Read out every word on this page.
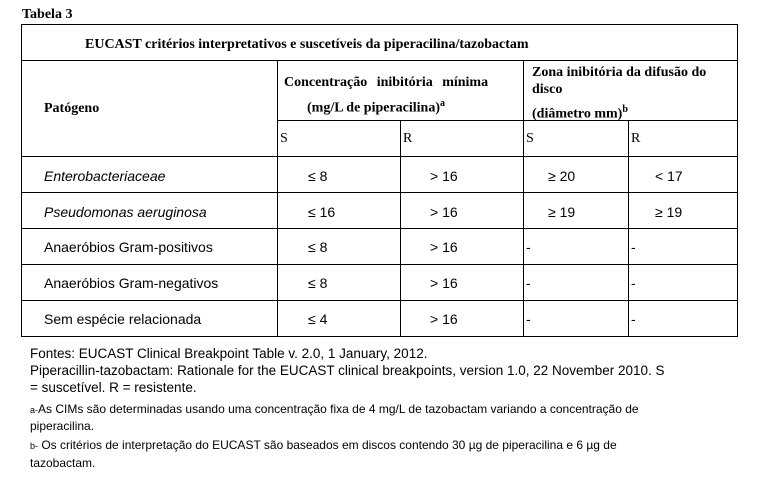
Tabela 3
EUCAST critérios interpretativos e suscetíveis da piperacilina/tazobactam
Patógeno
Concentração inibitória mínima
(mg/L de piperacilina)$^a$
Zona inibitória da difusão do
disco
(diâmetro mm)$^b$
S	R	S	R
Enterobacteriaceae	≤ 8	> 16	≥ 20	< 17
Pseudomonas aeruginosa	≤ 16	> 16	≥ 19	≥ 19
Anaeróbios Gram-positivos	≤ 8	> 16	-	-
Anaeróbios Gram-negativos	≤ 8	> 16	-	-
Sem espécie relacionada	≤ 4	> 16	-	-
Fontes: EUCAST Clinical Breakpoint Table v. 2.0, 1 January, 2012.
Piperacillin-tazobactam: Rationale for the EUCAST clinical breakpoints, version 1.0, 22 November 2010. S
= suscetível. R = resistente.
a-As CIMs são determinadas usando uma concentração fixa de 4 mg/L de tazobactam variando a concentração de
piperacilina.
b- Os critérios de interpretação do EUCAST são baseados em discos contendo 30 µg de piperacilina e 6 µg de
tazobactam.
